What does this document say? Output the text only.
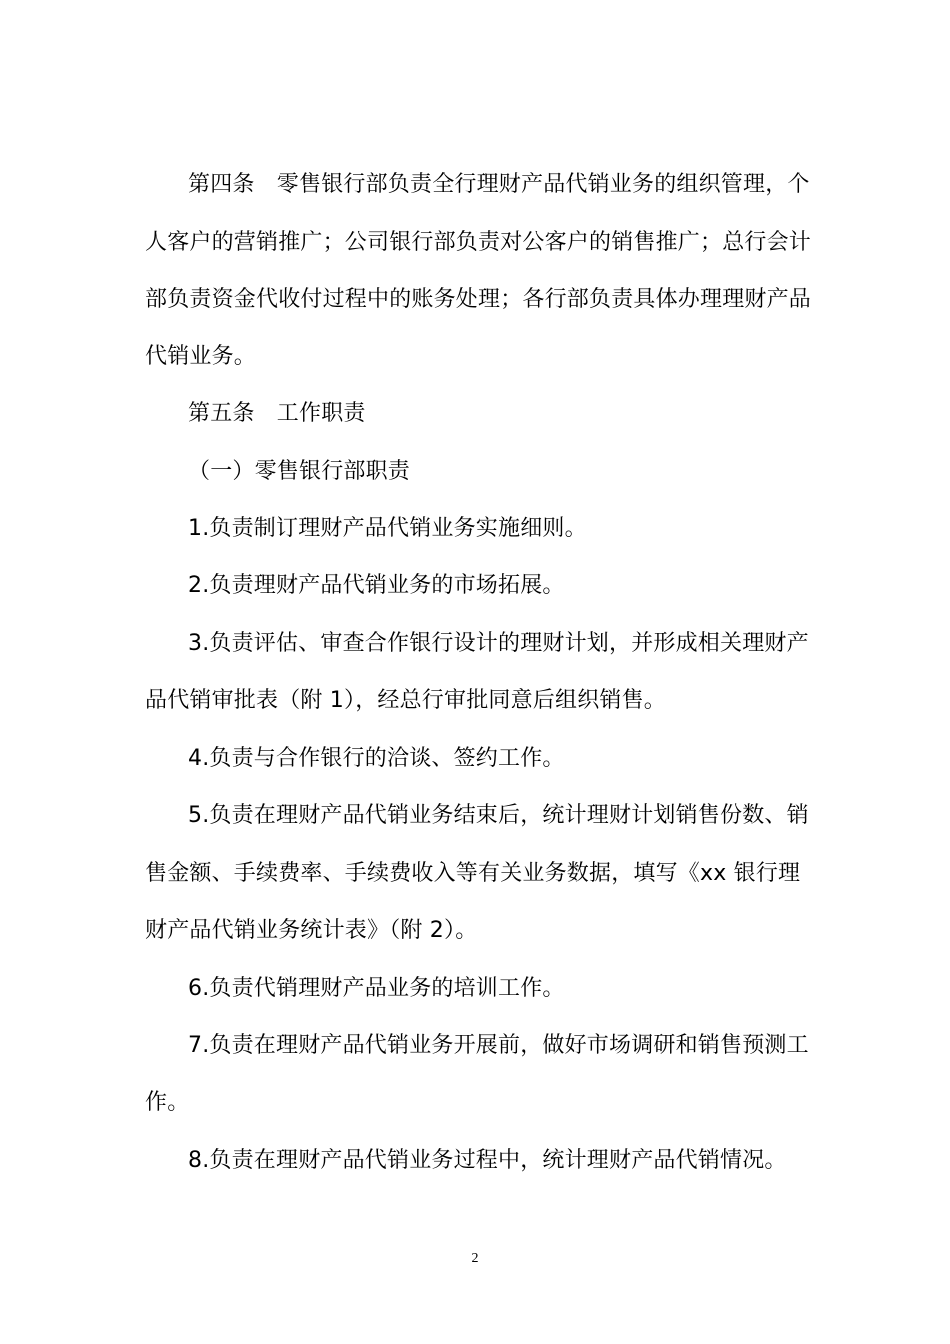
第四条　零售银行部负责全行理财产品代销业务的组织管理，个
人客户的营销推广；公司银行部负责对公客户的销售推广；总行会计
部负责资金代收付过程中的账务处理；各行部负责具体办理理财产品
代销业务。
第五条　工作职责
（一）零售银行部职责
1.负责制订理财产品代销业务实施细则。
2.负责理财产品代销业务的市场拓展。
3.负责评估、审查合作银行设计的理财计划，并形成相关理财产
品代销审批表（附 1），经总行审批同意后组织销售。
4.负责与合作银行的洽谈、签约工作。
5.负责在理财产品代销业务结束后，统计理财计划销售份数、销
售金额、手续费率、手续费收入等有关业务数据，填写《xx 银行理
财产品代销业务统计表》（附 2）。
6.负责代销理财产品业务的培训工作。
7.负责在理财产品代销业务开展前，做好市场调研和销售预测工
作。
8.负责在理财产品代销业务过程中，统计理财产品代销情况。
2
